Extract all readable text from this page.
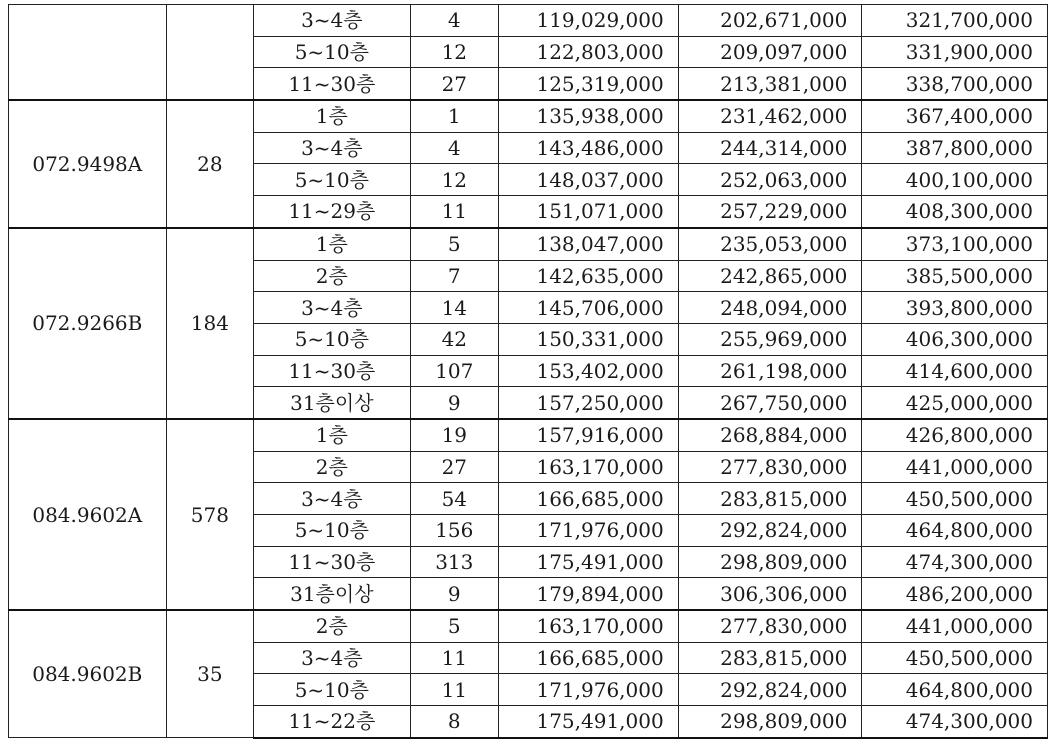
		3~4층	4	119,029,000	202,671,000	321,700,000
		5~10층	12	122,803,000	209,097,000	331,900,000
		11~30층	27	125,319,000	213,381,000	338,700,000
072.9498A	28	1층	1	135,938,000	231,462,000	367,400,000
		3~4층	4	143,486,000	244,314,000	387,800,000
		5~10층	12	148,037,000	252,063,000	400,100,000
		11~29층	11	151,071,000	257,229,000	408,300,000
072.9266B	184	1층	5	138,047,000	235,053,000	373,100,000
		2층	7	142,635,000	242,865,000	385,500,000
		3~4층	14	145,706,000	248,094,000	393,800,000
		5~10층	42	150,331,000	255,969,000	406,300,000
		11~30층	107	153,402,000	261,198,000	414,600,000
		31층이상	9	157,250,000	267,750,000	425,000,000
084.9602A	578	1층	19	157,916,000	268,884,000	426,800,000
		2층	27	163,170,000	277,830,000	441,000,000
		3~4층	54	166,685,000	283,815,000	450,500,000
		5~10층	156	171,976,000	292,824,000	464,800,000
		11~30층	313	175,491,000	298,809,000	474,300,000
		31층이상	9	179,894,000	306,306,000	486,200,000
084.9602B	35	2층	5	163,170,000	277,830,000	441,000,000
		3~4층	11	166,685,000	283,815,000	450,500,000
		5~10층	11	171,976,000	292,824,000	464,800,000
		11~22층	8	175,491,000	298,809,000	474,300,000
